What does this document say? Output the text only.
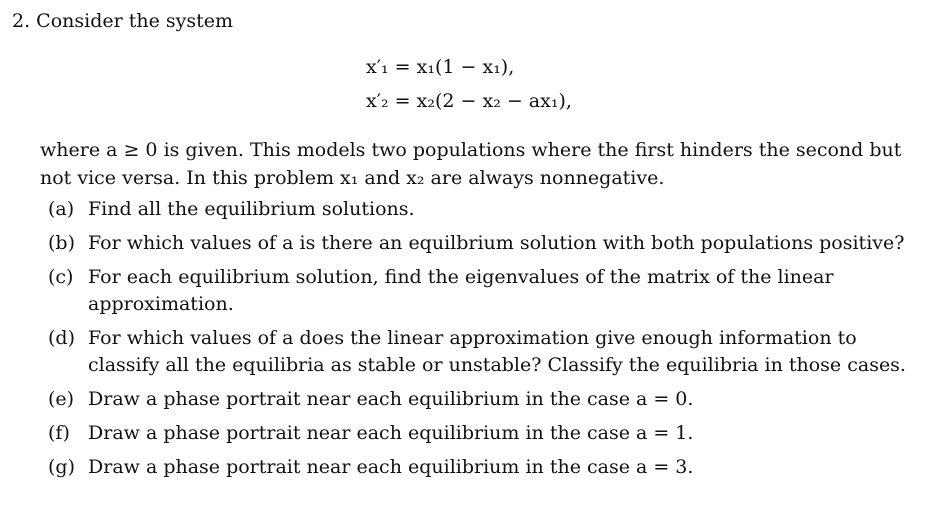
2. Consider the system
x′₁ = x₁(1 − x₁),
x′₂ = x₂(2 − x₂ − ax₁),
where a ≥ 0 is given. This models two populations where the first hinders the second but not vice versa. In this problem x₁ and x₂ are always nonnegative.
(a) Find all the equilibrium solutions.
(b) For which values of a is there an equilbrium solution with both populations positive?
(c) For each equilibrium solution, find the eigenvalues of the matrix of the linear approximation.
(d) For which values of a does the linear approximation give enough information to classify all the equilibria as stable or unstable? Classify the equilibria in those cases.
(e) Draw a phase portrait near each equilibrium in the case a = 0.
(f) Draw a phase portrait near each equilibrium in the case a = 1.
(g) Draw a phase portrait near each equilibrium in the case a = 3.
